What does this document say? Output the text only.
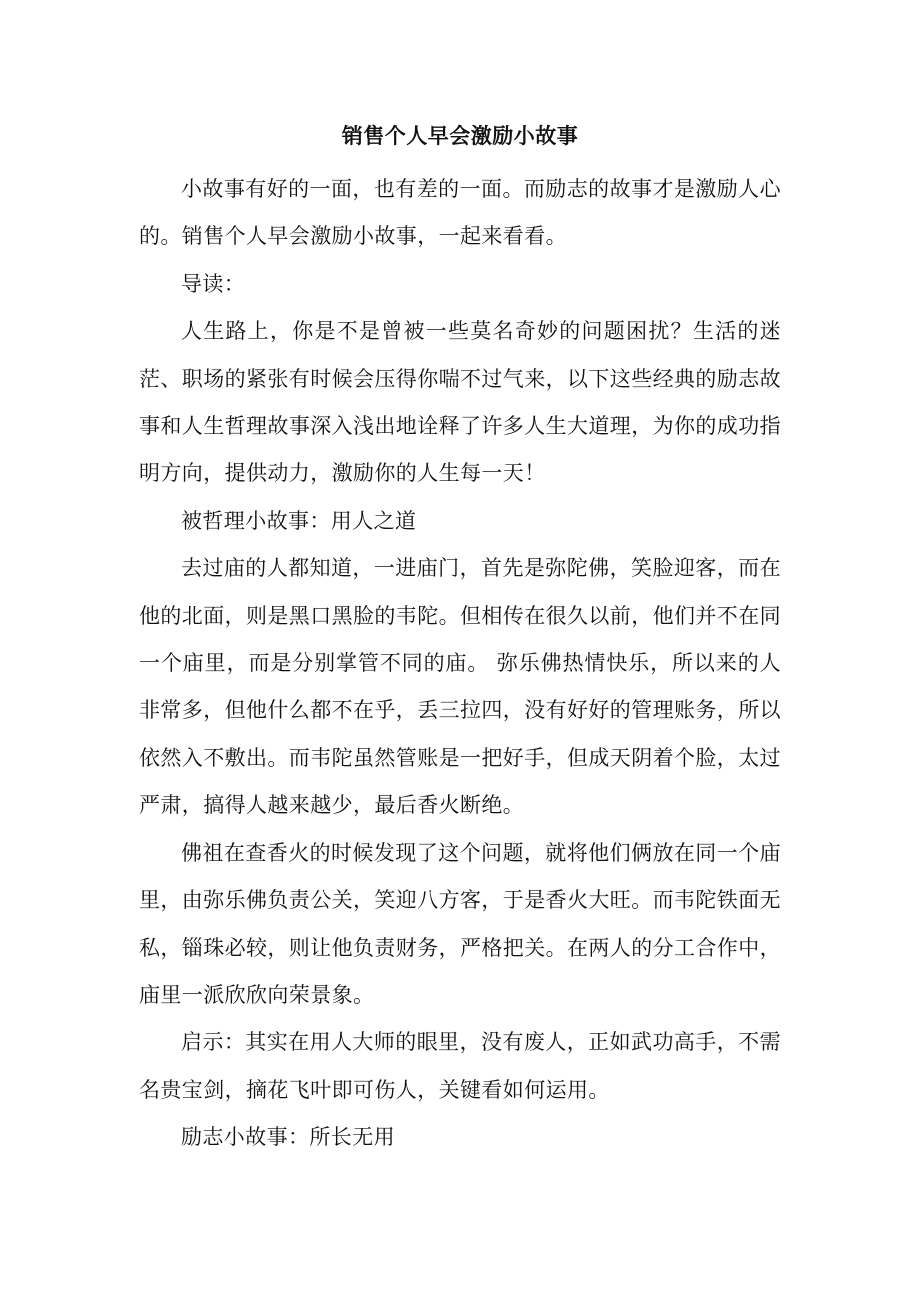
销售个人早会激励小故事

小故事有好的一面，也有差的一面。而励志的故事才是激励人心的。销售个人早会激励小故事，一起来看看。

导读：

人生路上，你是不是曾被一些莫名奇妙的问题困扰？生活的迷茫、职场的紧张有时候会压得你喘不过气来，以下这些经典的励志故事和人生哲理故事深入浅出地诠释了许多人生大道理，为你的成功指明方向，提供动力，激励你的人生每一天！

被哲理小故事：用人之道

去过庙的人都知道，一进庙门，首先是弥陀佛，笑脸迎客，而在他的北面，则是黑口黑脸的韦陀。但相传在很久以前，他们并不在同一个庙里，而是分别掌管不同的庙。 弥乐佛热情快乐，所以来的人非常多，但他什么都不在乎，丢三拉四，没有好好的管理账务，所以依然入不敷出。而韦陀虽然管账是一把好手，但成天阴着个脸，太过严肃，搞得人越来越少，最后香火断绝。

佛祖在查香火的时候发现了这个问题，就将他们俩放在同一个庙里，由弥乐佛负责公关，笑迎八方客，于是香火大旺。而韦陀铁面无私，锱珠必较，则让他负责财务，严格把关。在两人的分工合作中，庙里一派欣欣向荣景象。

启示：其实在用人大师的眼里，没有废人，正如武功高手，不需名贵宝剑，摘花飞叶即可伤人，关键看如何运用。

励志小故事：所长无用
